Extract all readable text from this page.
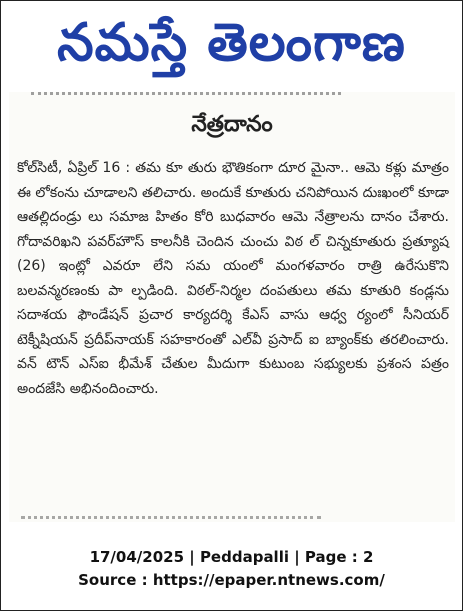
నమస్తే తెలంగాణ
నేత్రదానం

కోల్‌సిటీ, ఏప్రిల్ 16 : తమ కూ తురు భౌతికంగా దూర మైనా.. ఆమె కళ్లు మాత్రం ఈ లోకంను చూడాలని తలిచారు. అందుకే కూతురు చనిపోయిన దుఃఖంలో కూడా ఆతల్లిదండ్రు లు సమాజ హితం కోరి బుధవారం ఆమె నేత్రాలను దానం చేశారు. గోదావరిఖని పవర్‌హౌస్ కాలనీకి చెందిన చుంచు విఠ ల్ చిన్నకూతురు ప్రత్యూష (26) ఇంట్లో ఎవరూ లేని సమ యంలో మంగళవారం రాత్రి ఉరేసుకొని బలవన్మరణంకు పా ల్పడింది. విఠల్-నిర్మల దంపతులు తమ కూతురి కండ్లను సదాశయ ఫౌండేషన్ ప్రచార కార్యదర్శి కేఎస్ వాసు ఆధ్వ ర్యంలో సీనియర్ టెక్నీషియన్ ప్రదీప్‌నాయక్ సహకారంతో ఎల్‌వీ ప్రసాద్ ఐ బ్యాంక్‌కు తరలించారు. వన్ టౌన్ ఎస్ఐ భీమేశ్ చేతుల మీదుగా కుటుంబ సభ్యులకు ప్రశంస పత్రం అందజేసి అభినందించారు.

17/04/2025 | Peddapalli | Page : 2
Source : https://epaper.ntnews.com/
